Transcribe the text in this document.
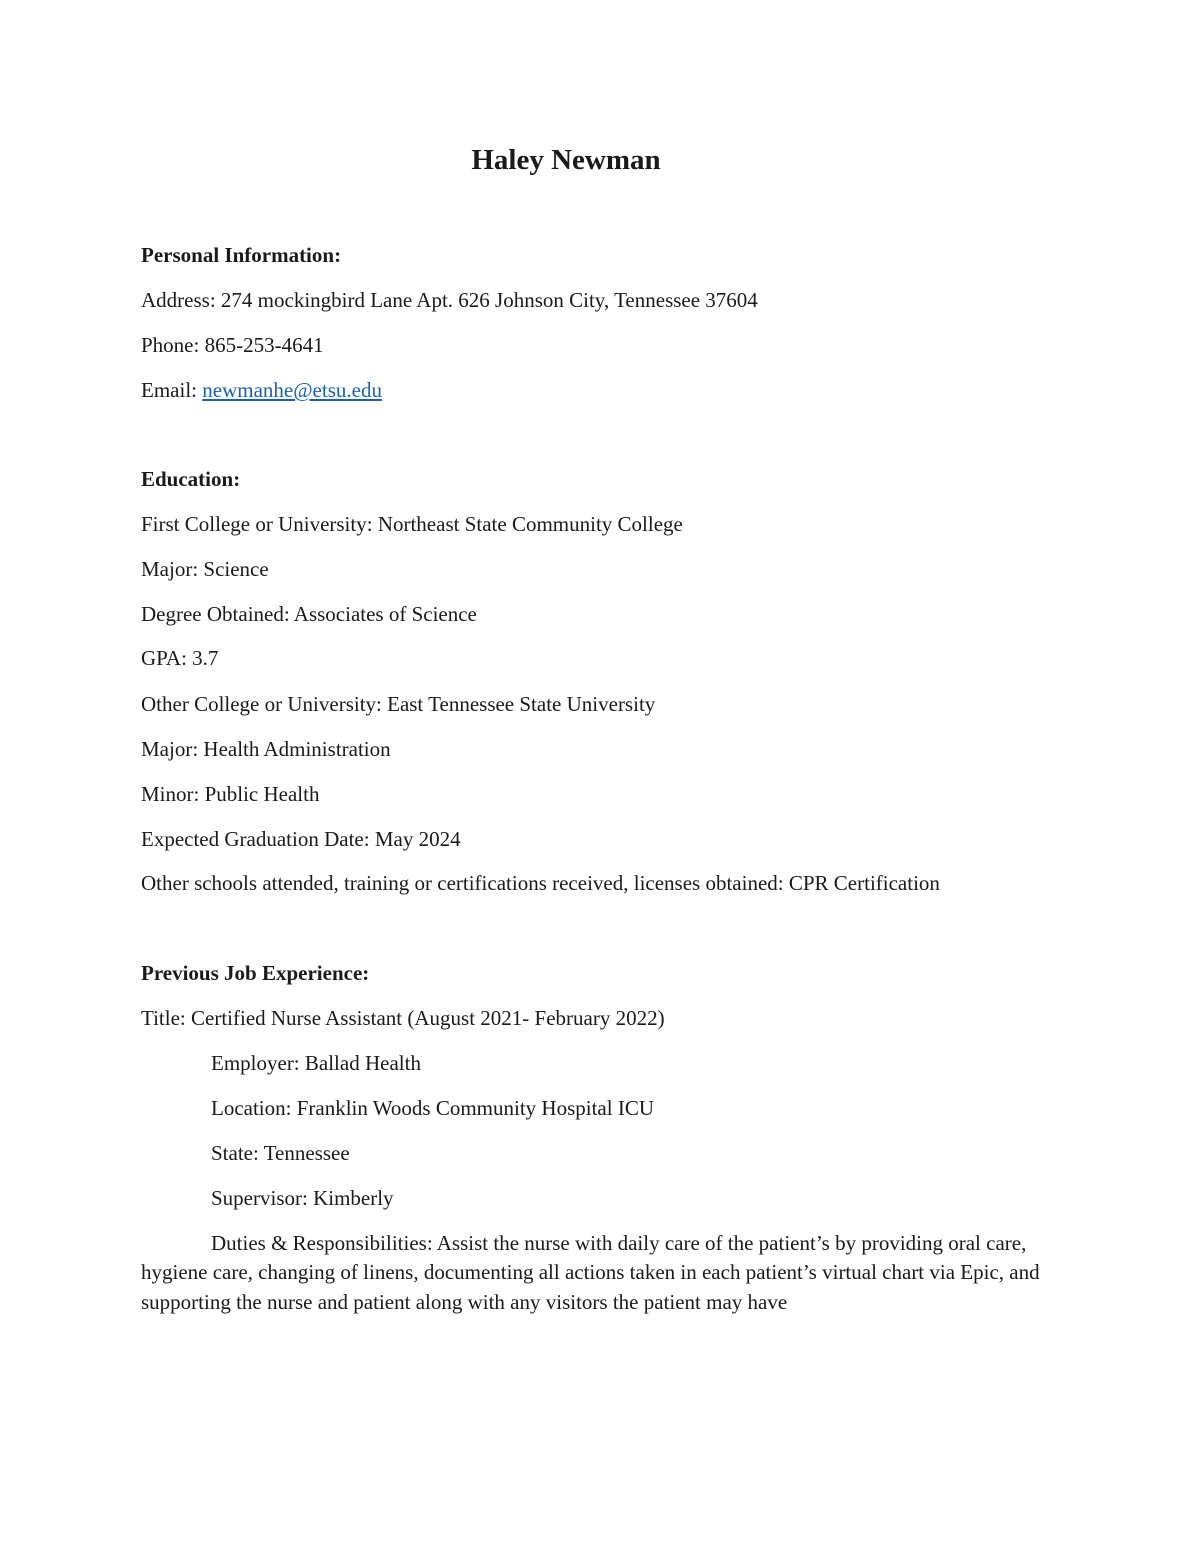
Haley Newman
Personal Information:
Address: 274 mockingbird Lane Apt. 626 Johnson City, Tennessee 37604
Phone: 865-253-4641
Email: newmanhe@etsu.edu
Education:
First College or University: Northeast State Community College
Major: Science
Degree Obtained: Associates of Science
GPA: 3.7
Other College or University: East Tennessee State University
Major: Health Administration
Minor: Public Health
Expected Graduation Date: May 2024
Other schools attended, training or certifications received, licenses obtained: CPR Certification
Previous Job Experience:
Title: Certified Nurse Assistant (August 2021- February 2022)
Employer: Ballad Health
Location: Franklin Woods Community Hospital ICU
State: Tennessee
Supervisor: Kimberly
Duties & Responsibilities: Assist the nurse with daily care of the patient’s by providing oral care, hygiene care, changing of linens, documenting all actions taken in each patient’s virtual chart via Epic, and supporting the nurse and patient along with any visitors the patient may have
